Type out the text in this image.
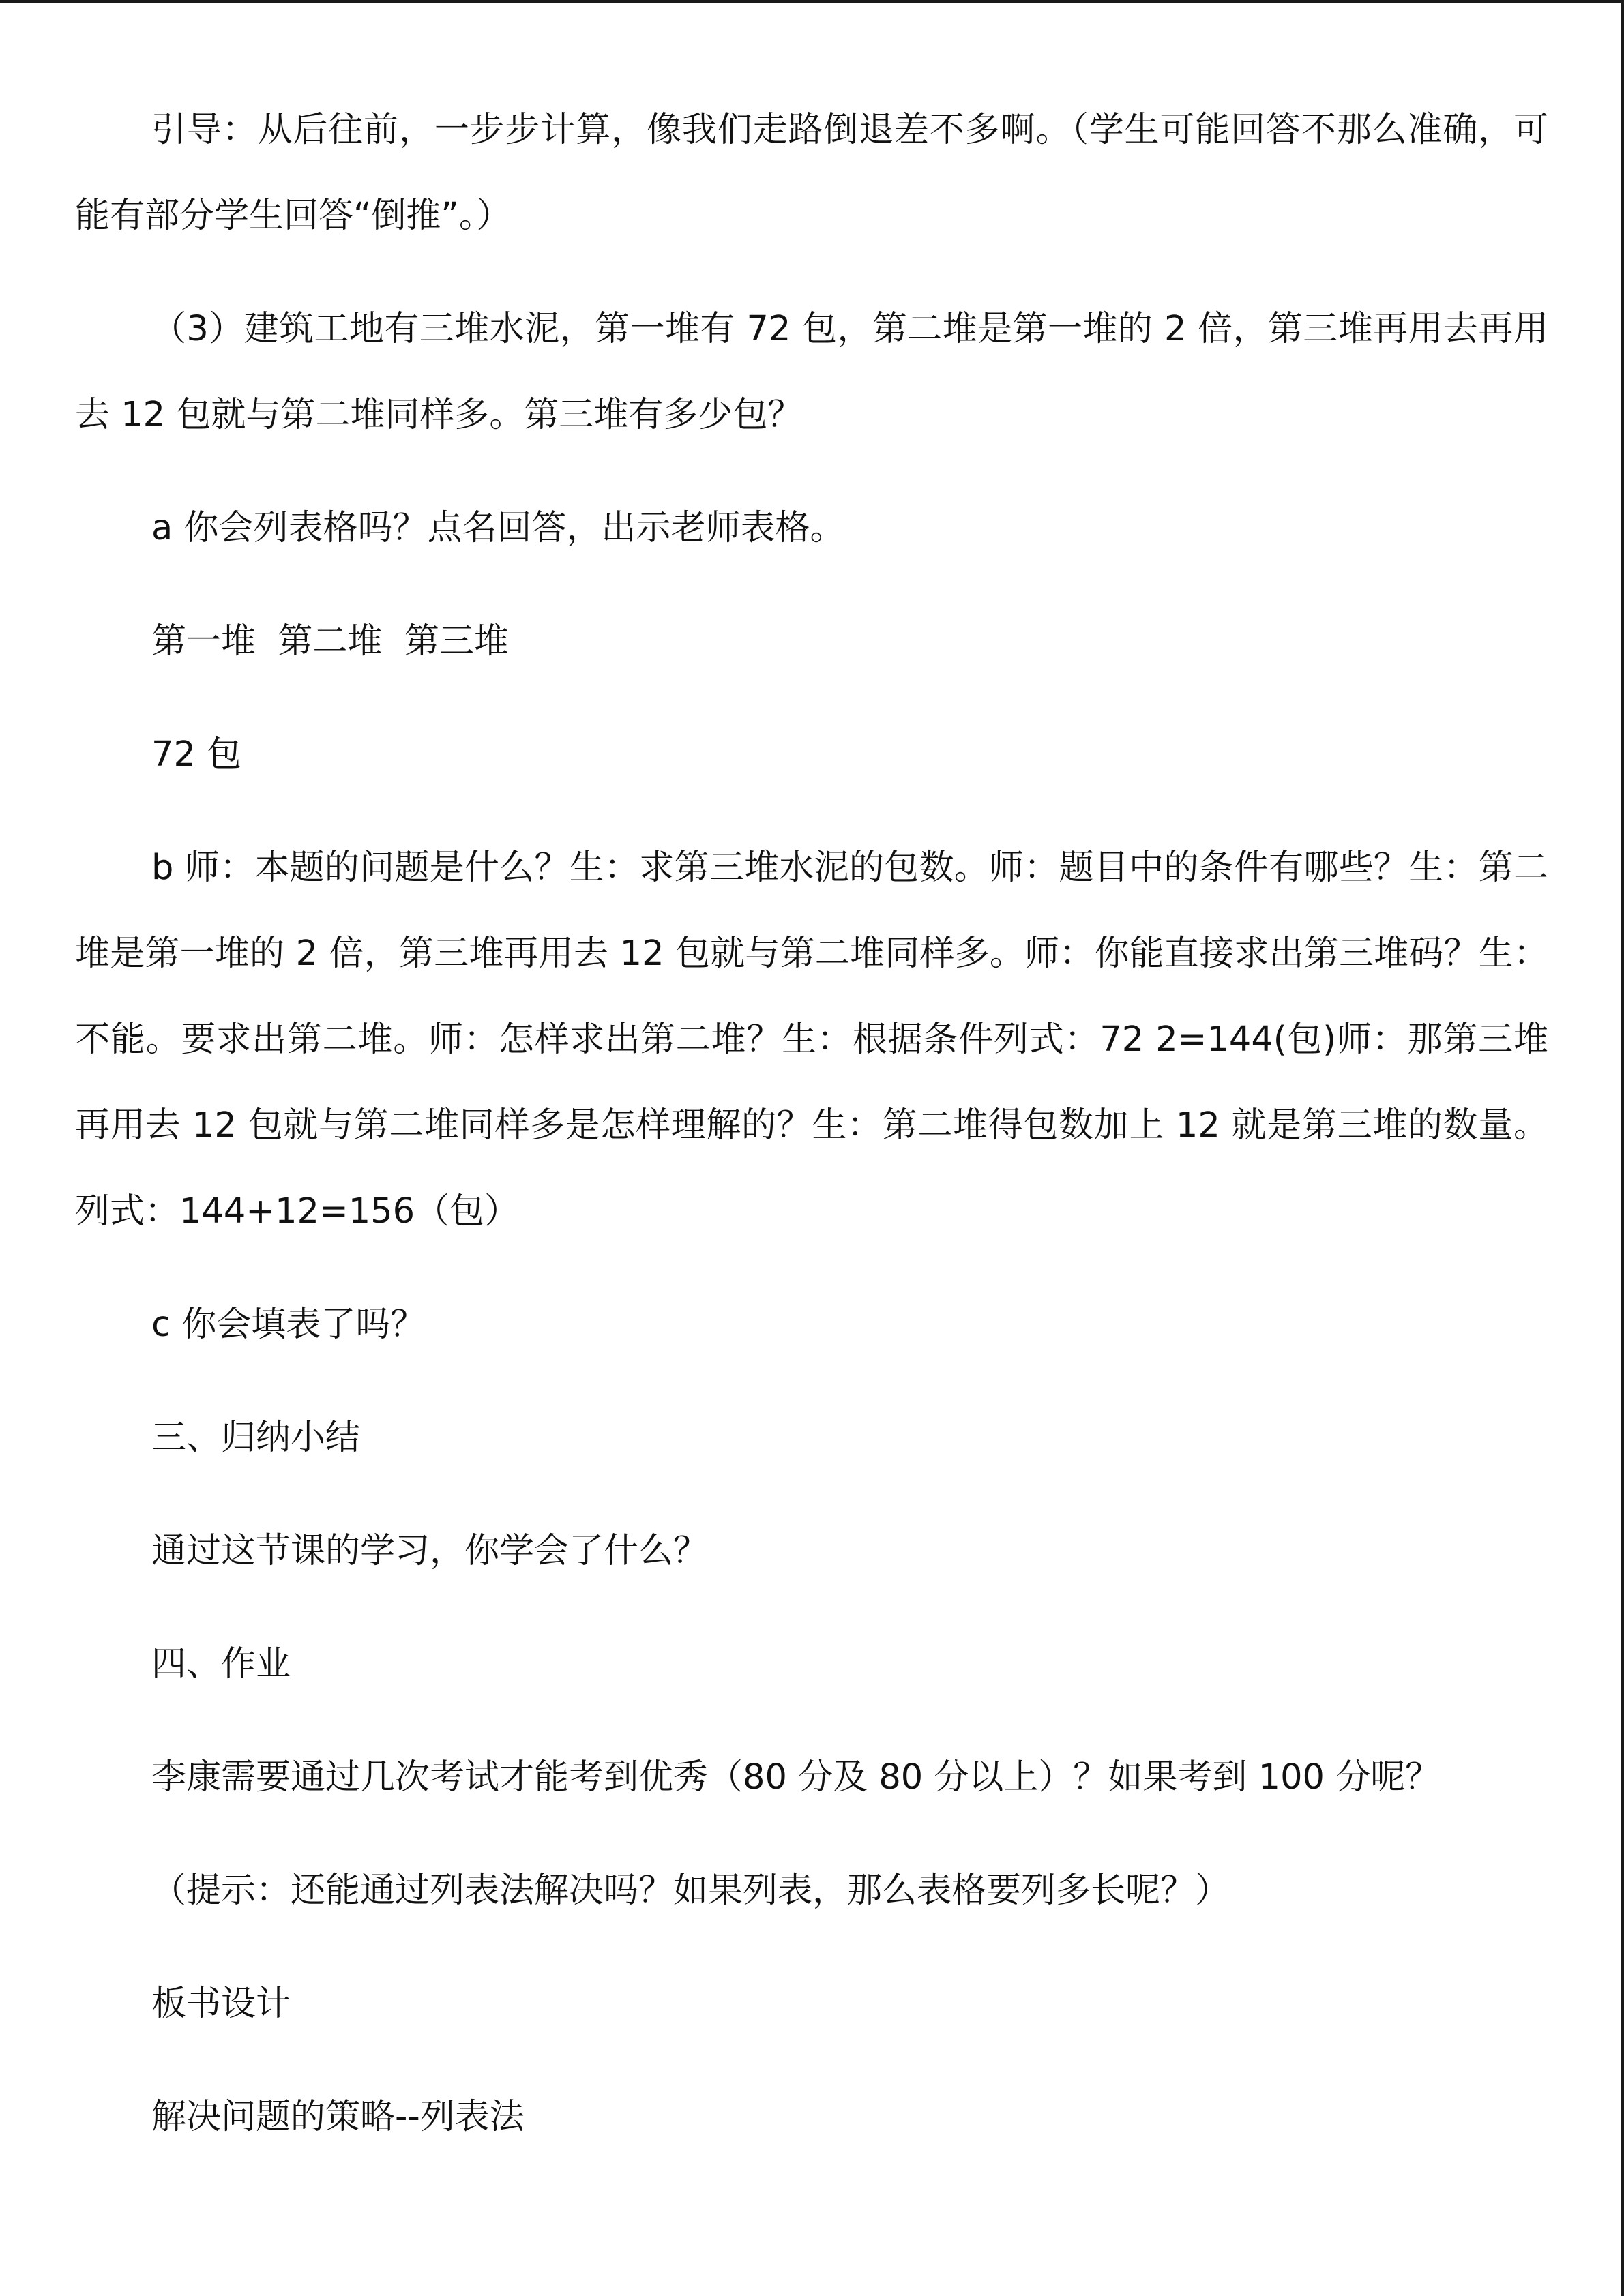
引导：从后往前，一步步计算，像我们走路倒退差不多啊。（学生可能回答不那么准确，可能有部分学生回答“倒推”。）

（3）建筑工地有三堆水泥，第一堆有 72 包，第二堆是第一堆的 2 倍，第三堆再用去再用去 12 包就与第二堆同样多。第三堆有多少包？

a 你会列表格吗？点名回答，出示老师表格。

第一堆  第二堆  第三堆

72 包

b 师：本题的问题是什么？生：求第三堆水泥的包数。师：题目中的条件有哪些？生：第二堆是第一堆的 2 倍，第三堆再用去 12 包就与第二堆同样多。师：你能直接求出第三堆码？生：不能。要求出第二堆。师：怎样求出第二堆？生：根据条件列式：72 2=144(包)师：那第三堆再用去 12 包就与第二堆同样多是怎样理解的？生：第二堆得包数加上 12 就是第三堆的数量。列式：144+12=156（包）

c 你会填表了吗？

三、归纳小结

通过这节课的学习，你学会了什么？

四、作业

李康需要通过几次考试才能考到优秀（80 分及 80 分以上）？如果考到 100 分呢？

（提示：还能通过列表法解决吗？如果列表，那么表格要列多长呢？）

板书设计

解决问题的策略--列表法
